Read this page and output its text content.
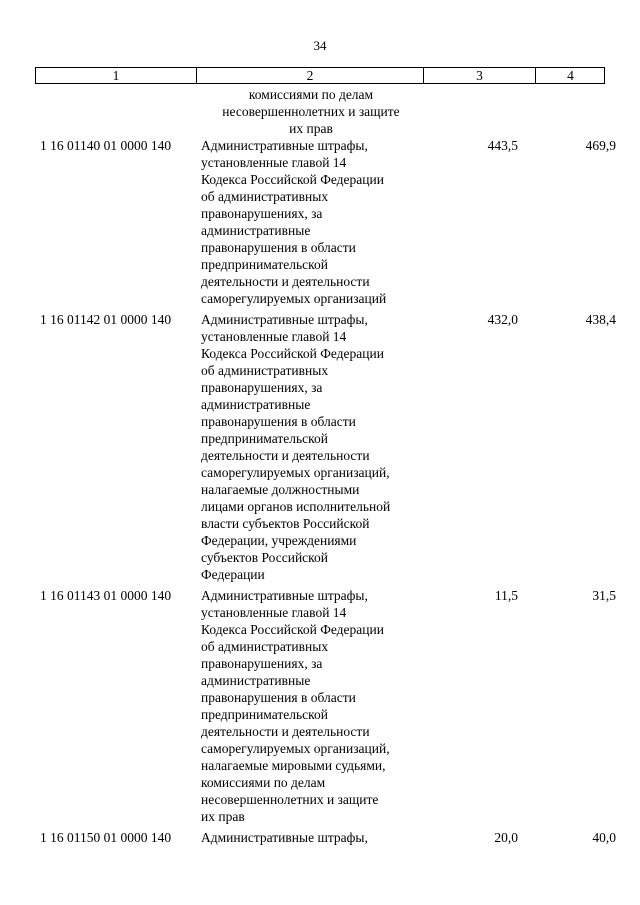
34
1	2	3	4
комиссиями по делам
несовершеннолетних и защите
их прав
1 16 01140 01 0000 140 Административные штрафы,
установленные главой 14
Кодекса Российской Федерации
об административных
правонарушениях, за
административные
правонарушения в области
предпринимательской
деятельности и деятельности
саморегулируемых организаций
443,5	469,9
1 16 01142 01 0000 140 Административные штрафы,
установленные главой 14
Кодекса Российской Федерации
об административных
правонарушениях, за
административные
правонарушения в области
предпринимательской
деятельности и деятельности
саморегулируемых организаций,
налагаемые должностными
лицами органов исполнительной
власти субъектов Российской
Федерации, учреждениями
субъектов Российской
Федерации
432,0	438,4
1 16 01143 01 0000 140 Административные штрафы,
установленные главой 14
Кодекса Российской Федерации
об административных
правонарушениях, за
административные
правонарушения в области
предпринимательской
деятельности и деятельности
саморегулируемых организаций,
налагаемые мировыми судьями,
комиссиями по делам
несовершеннолетних и защите
их прав
11,5	31,5
1 16 01150 01 0000 140 Административные штрафы,	20,0	40,0
